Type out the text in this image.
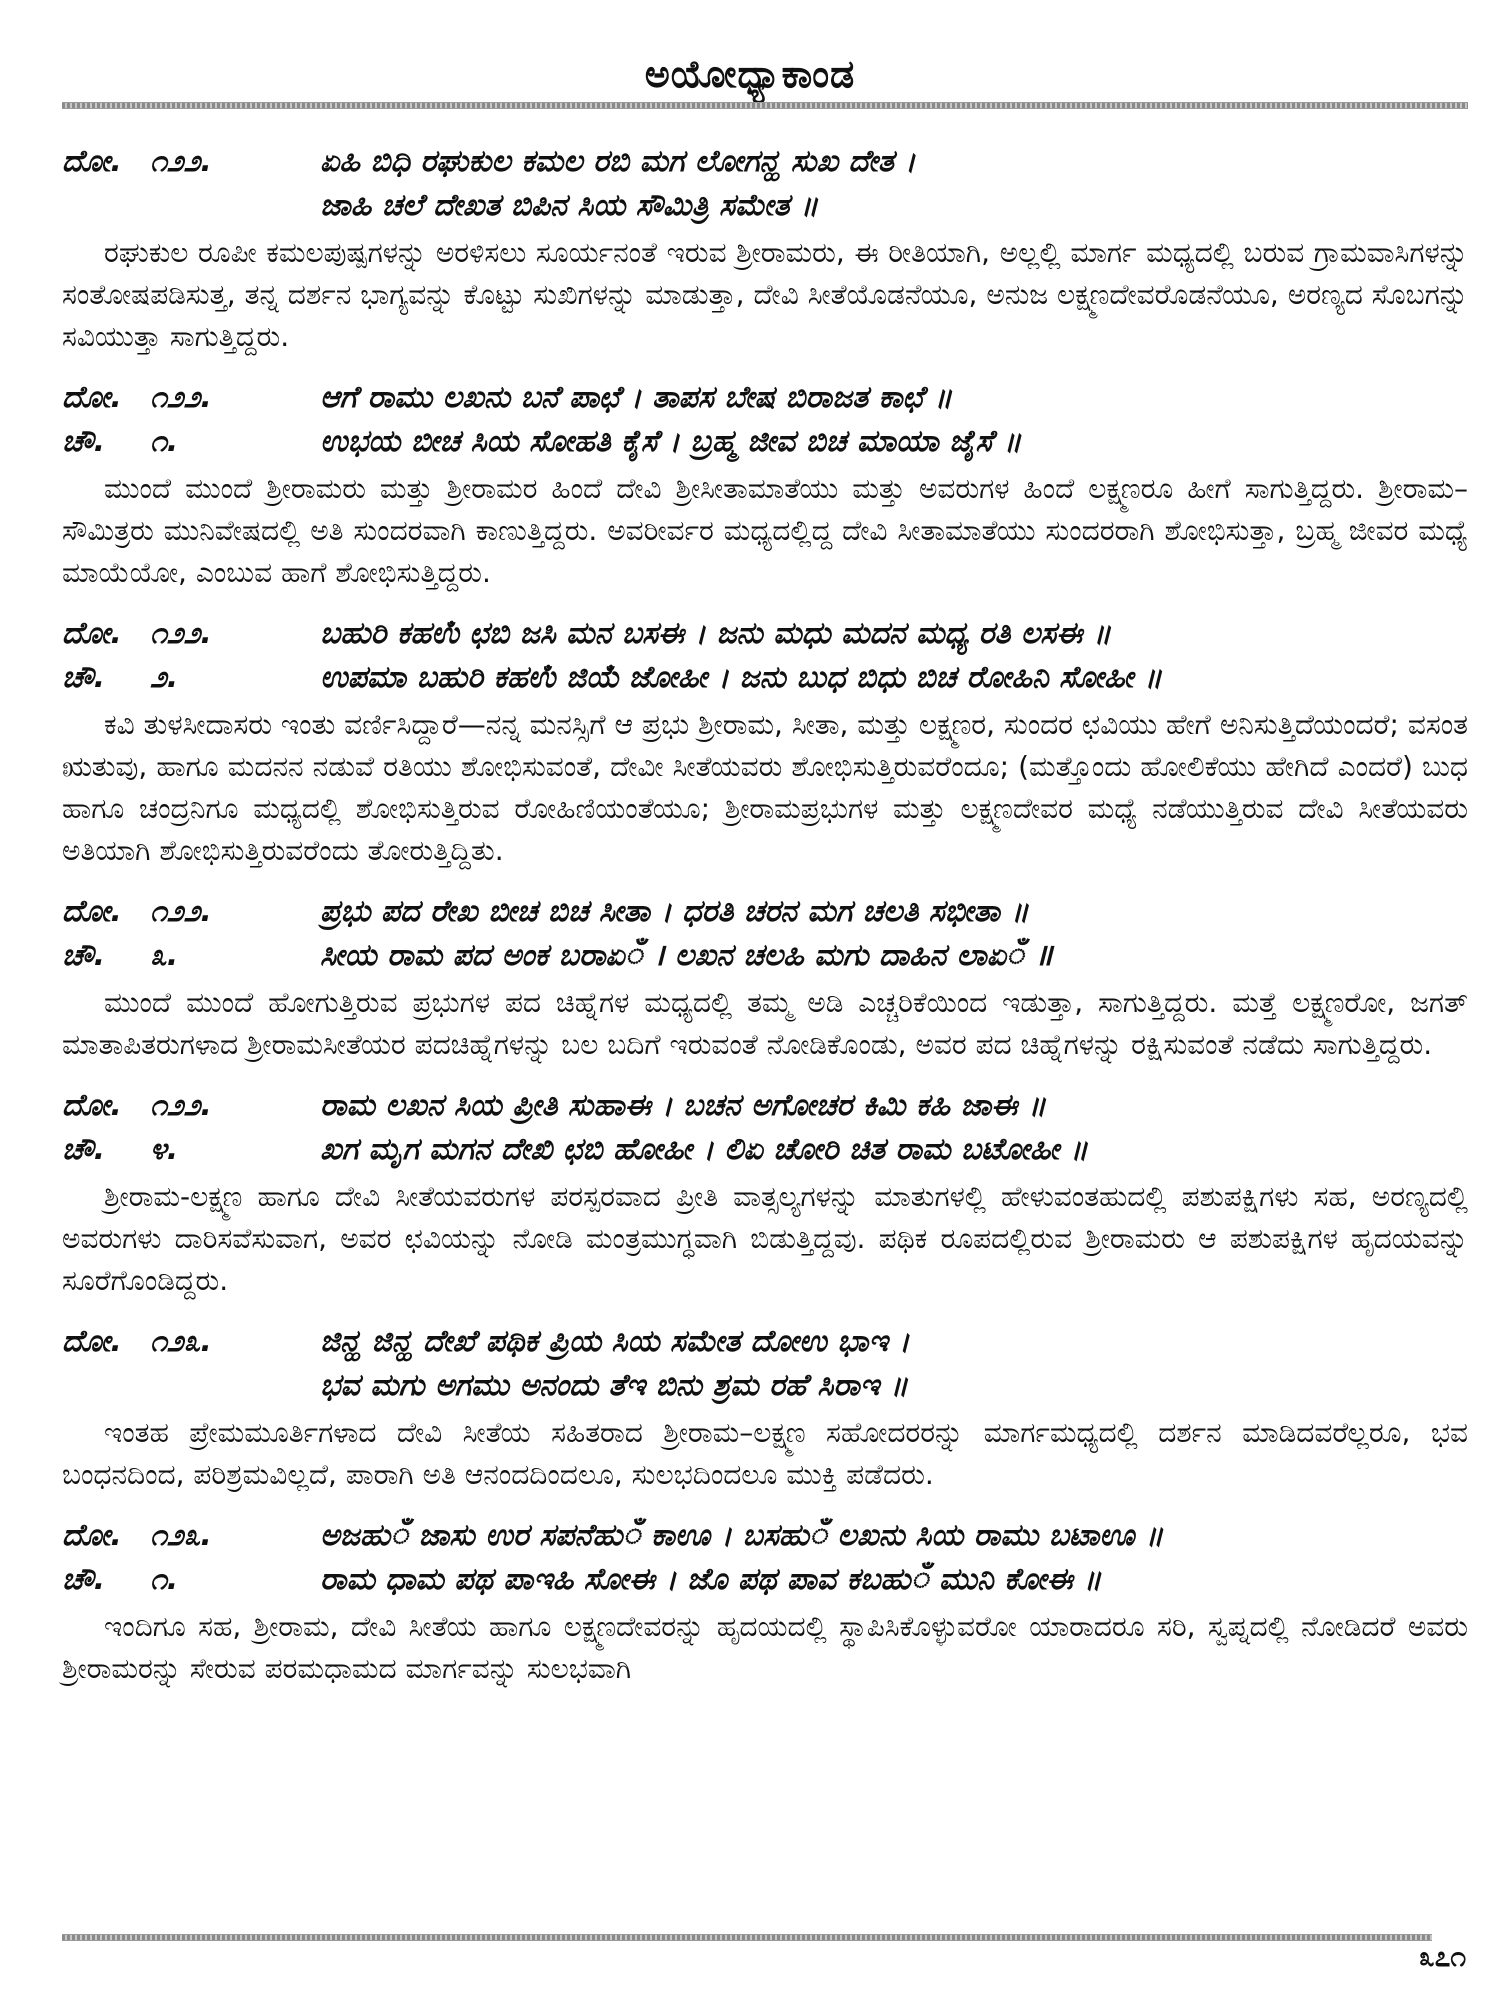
ಅಯೋಧ್ಯಾಕಾಂಡ
ದೋ. ೧೨೨.	ಏಹಿ ಬಿಧಿ ರಘುಕುಲ ಕಮಲ ರಬಿ ಮಗ ಲೋಗನ್ಹ ಸುಖ ದೇತ ।
ಜಾಹಿ ಚಲೆ ದೇಖತ ಬಿಪಿನ ಸಿಯ ಸೌಮಿತ್ರಿ ಸಮೇತ ॥

ರಘುಕುಲ ರೂಪೀ ಕಮಲಪುಷ್ಪಗಳನ್ನು ಅರಳಿಸಲು ಸೂರ್ಯನಂತೆ ಇರುವ ಶ್ರೀರಾಮರು, ಈ ರೀತಿಯಾಗಿ, ಅಲ್ಲಲ್ಲಿ ಮಾರ್ಗ ಮಧ್ಯದಲ್ಲಿ ಬರುವ ಗ್ರಾಮವಾಸಿಗಳನ್ನು ಸಂತೋಷಪಡಿಸುತ್ತ, ತನ್ನ ದರ್ಶನ ಭಾಗ್ಯವನ್ನು ಕೊಟ್ಟು ಸುಖಿಗಳನ್ನು ಮಾಡುತ್ತಾ, ದೇವಿ ಸೀತೆಯೊಡನೆಯೂ, ಅನುಜ ಲಕ್ಷ್ಮಣದೇವರೊಡನೆಯೂ, ಅರಣ್ಯದ ಸೊಬಗನ್ನು ಸವಿಯುತ್ತಾ ಸಾಗುತ್ತಿದ್ದರು.

ದೋ. ೧೨೨.	ಆಗೆ ರಾಮು ಲಖನು ಬನೆ ಪಾಛೆ । ತಾಪಸ ಬೇಷ ಬಿರಾಜತ ಕಾಛೆ ॥
ಚೌ.	೧.	ಉಭಯ ಬೀಚ ಸಿಯ ಸೋಹತಿ ಕೈಸೆ । ಬ್ರಹ್ಮ ಜೀವ ಬಿಚ ಮಾಯಾ ಜೈಸೆ ॥

ಮುಂದೆ ಮುಂದೆ ಶ್ರೀರಾಮರು ಮತ್ತು ಶ್ರೀರಾಮರ ಹಿಂದೆ ದೇವಿ ಶ್ರೀಸೀತಾಮಾತೆಯು ಮತ್ತು ಅವರುಗಳ ಹಿಂದೆ ಲಕ್ಷ್ಮಣರೂ ಹೀಗೆ ಸಾಗುತ್ತಿದ್ದರು. ಶ್ರೀರಾಮ–ಸೌಮಿತ್ರರು ಮುನಿವೇಷದಲ್ಲಿ ಅತಿ ಸುಂದರವಾಗಿ ಕಾಣುತ್ತಿದ್ದರು. ಅವರೀರ್ವರ ಮಧ್ಯದಲ್ಲಿದ್ದ ದೇವಿ ಸೀತಾಮಾತೆಯು ಸುಂದರರಾಗಿ ಶೋಭಿಸುತ್ತಾ, ಬ್ರಹ್ಮ ಜೀವರ ಮಧ್ಯೆ ಮಾಯೆಯೋ, ಎಂಬುವ ಹಾಗೆ ಶೋಭಿಸುತ್ತಿದ್ದರು.

ದೋ. ೧೨೨.	ಬಹುರಿ ಕಹಉಁ ಛಬಿ ಜಸಿ ಮನ ಬಸಈ । ಜನು ಮಧು ಮದನ ಮಧ್ಯ ರತಿ ಲಸಈ ॥
ಚೌ.	೨.	ಉಪಮಾ ಬಹುರಿ ಕಹಉಁ ಜಿಯಁ ಜೋಹೀ । ಜನು ಬುಧ ಬಿಧು ಬಿಚ ರೋಹಿನಿ ಸೋಹೀ ॥

ಕವಿ ತುಳಸೀದಾಸರು ಇಂತು ವರ್ಣಿಸಿದ್ದಾರೆ—ನನ್ನ ಮನಸ್ಸಿಗೆ ಆ ಪ್ರಭು ಶ್ರೀರಾಮ, ಸೀತಾ, ಮತ್ತು ಲಕ್ಷ್ಮಣರ, ಸುಂದರ ಛವಿಯು ಹೇಗೆ ಅನಿಸುತ್ತಿದೆಯಂದರೆ; ವಸಂತ ಋತುವು, ಹಾಗೂ ಮದನನ ನಡುವೆ ರತಿಯು ಶೋಭಿಸುವಂತೆ, ದೇವೀ ಸೀತೆಯವರು ಶೋಭಿಸುತ್ತಿರುವರೆಂದೂ; (ಮತ್ತೊಂದು ಹೋಲಿಕೆಯು ಹೇಗಿದೆ ಎಂದರೆ) ಬುಧ ಹಾಗೂ ಚಂದ್ರನಿಗೂ ಮಧ್ಯದಲ್ಲಿ ಶೋಭಿಸುತ್ತಿರುವ ರೋಹಿಣಿಯಂತೆಯೂ; ಶ್ರೀರಾಮಪ್ರಭುಗಳ ಮತ್ತು ಲಕ್ಷ್ಮಣದೇವರ ಮಧ್ಯೆ ನಡೆಯುತ್ತಿರುವ ದೇವಿ ಸೀತೆಯವರು ಅತಿಯಾಗಿ ಶೋಭಿಸುತ್ತಿರುವರೆಂದು ತೋರುತ್ತಿದ್ದಿತು.

ದೋ. ೧೨೨.	ಪ್ರಭು ಪದ ರೇಖ ಬೀಚ ಬಿಚ ಸೀತಾ । ಧರತಿ ಚರನ ಮಗ ಚಲತಿ ಸಭೀತಾ ॥
ಚೌ.	೩.	ಸೀಯ ರಾಮ ಪದ ಅಂಕ ಬರಾಏँ । ಲಖನ ಚಲಹಿ ಮಗು ದಾಹಿನ ಲಾಏँ ॥

ಮುಂದೆ ಮುಂದೆ ಹೋಗುತ್ತಿರುವ ಪ್ರಭುಗಳ ಪದ ಚಿಹ್ನೆಗಳ ಮಧ್ಯದಲ್ಲಿ ತಮ್ಮ ಅಡಿ ಎಚ್ಚರಿಕೆಯಿಂದ ಇಡುತ್ತಾ, ಸಾಗುತ್ತಿದ್ದರು. ಮತ್ತೆ ಲಕ್ಷ್ಮಣರೋ, ಜಗತ್ ಮಾತಾಪಿತರುಗಳಾದ ಶ್ರೀರಾಮಸೀತೆಯರ ಪದಚಿಹ್ನೆಗಳನ್ನು ಬಲ ಬದಿಗೆ ಇರುವಂತೆ ನೋಡಿಕೊಂಡು, ಅವರ ಪದ ಚಿಹ್ನೆಗಳನ್ನು ರಕ್ಷಿಸುವಂತೆ ನಡೆದು ಸಾಗುತ್ತಿದ್ದರು.

ದೋ. ೧೨೨.	ರಾಮ ಲಖನ ಸಿಯ ಪ್ರೀತಿ ಸುಹಾಈ । ಬಚನ ಅಗೋಚರ ಕಿಮಿ ಕಹಿ ಜಾಈ ॥
ಚೌ.	೪.	ಖಗ ಮೃಗ ಮಗನ ದೇಖಿ ಛಬಿ ಹೋಹೀ । ಲಿಏ ಚೋರಿ ಚಿತ ರಾಮ ಬಟೋಹೀ ॥

ಶ್ರೀರಾಮ-ಲಕ್ಷ್ಮಣ ಹಾಗೂ ದೇವಿ ಸೀತೆಯವರುಗಳ ಪರಸ್ಪರವಾದ ಪ್ರೀತಿ ವಾತ್ಸಲ್ಯಗಳನ್ನು ಮಾತುಗಳಲ್ಲಿ ಹೇಳುವಂತಹುದಲ್ಲಿ ಪಶುಪಕ್ಷಿಗಳು ಸಹ, ಅರಣ್ಯದಲ್ಲಿ ಅವರುಗಳು ದಾರಿಸವೆಸುವಾಗ, ಅವರ ಛವಿಯನ್ನು ನೋಡಿ ಮಂತ್ರಮುಗ್ಧವಾಗಿ ಬಿಡುತ್ತಿದ್ದವು. ಪಥಿಕ ರೂಪದಲ್ಲಿರುವ ಶ್ರೀರಾಮರು ಆ ಪಶುಪಕ್ಷಿಗಳ ಹೃದಯವನ್ನು ಸೂರೆಗೊಂಡಿದ್ದರು.

ದೋ. ೧೨೩.	ಜಿನ್ಹ ಜಿನ್ಹ ದೇಖೆ ಪಥಿಕ ಪ್ರಿಯ ಸಿಯ ಸಮೇತ ದೋಉ ಭಾಇ ।
ಭವ ಮಗು ಅಗಮು ಅನಂದು ತೆಇ ಬಿನು ಶ್ರಮ ರಹೆ ಸಿರಾಇ ॥

ಇಂತಹ ಪ್ರೇಮಮೂರ್ತಿಗಳಾದ ದೇವಿ ಸೀತೆಯ ಸಹಿತರಾದ ಶ್ರೀರಾಮ–ಲಕ್ಷ್ಮಣ ಸಹೋದರರನ್ನು ಮಾರ್ಗಮಧ್ಯದಲ್ಲಿ ದರ್ಶನ ಮಾಡಿದವರೆಲ್ಲರೂ, ಭವ ಬಂಧನದಿಂದ, ಪರಿಶ್ರಮವಿಲ್ಲದೆ, ಪಾರಾಗಿ ಅತಿ ಆನಂದದಿಂದಲೂ, ಸುಲಭದಿಂದಲೂ ಮುಕ್ತಿ ಪಡೆದರು.

ದೋ. ೧೨೩.	ಅಜಹುँ ಜಾಸು ಉರ ಸಪನೆಹುँ ಕಾಊ । ಬಸಹುँ ಲಖನು ಸಿಯ ರಾಮು ಬಟಾಊ ॥
ಚೌ.	೧.	ರಾಮ ಧಾಮ ಪಥ ಪಾಇಹಿ ಸೋಈ । ಜೊ ಪಥ ಪಾವ ಕಬಹುँ ಮುನಿ ಕೋಈ ॥

ಇಂದಿಗೂ ಸಹ, ಶ್ರೀರಾಮ, ದೇವಿ ಸೀತೆಯ ಹಾಗೂ ಲಕ್ಷ್ಮಣದೇವರನ್ನು ಹೃದಯದಲ್ಲಿ ಸ್ಥಾಪಿಸಿಕೊಳ್ಳುವರೋ ಯಾರಾದರೂ ಸರಿ, ಸ್ವಪ್ನದಲ್ಲಿ ನೋಡಿದರೆ ಅವರು ಶ್ರೀರಾಮರನ್ನು ಸೇರುವ ಪರಮಧಾಮದ ಮಾರ್ಗವನ್ನು ಸುಲಭವಾಗಿ

೩೭೧
